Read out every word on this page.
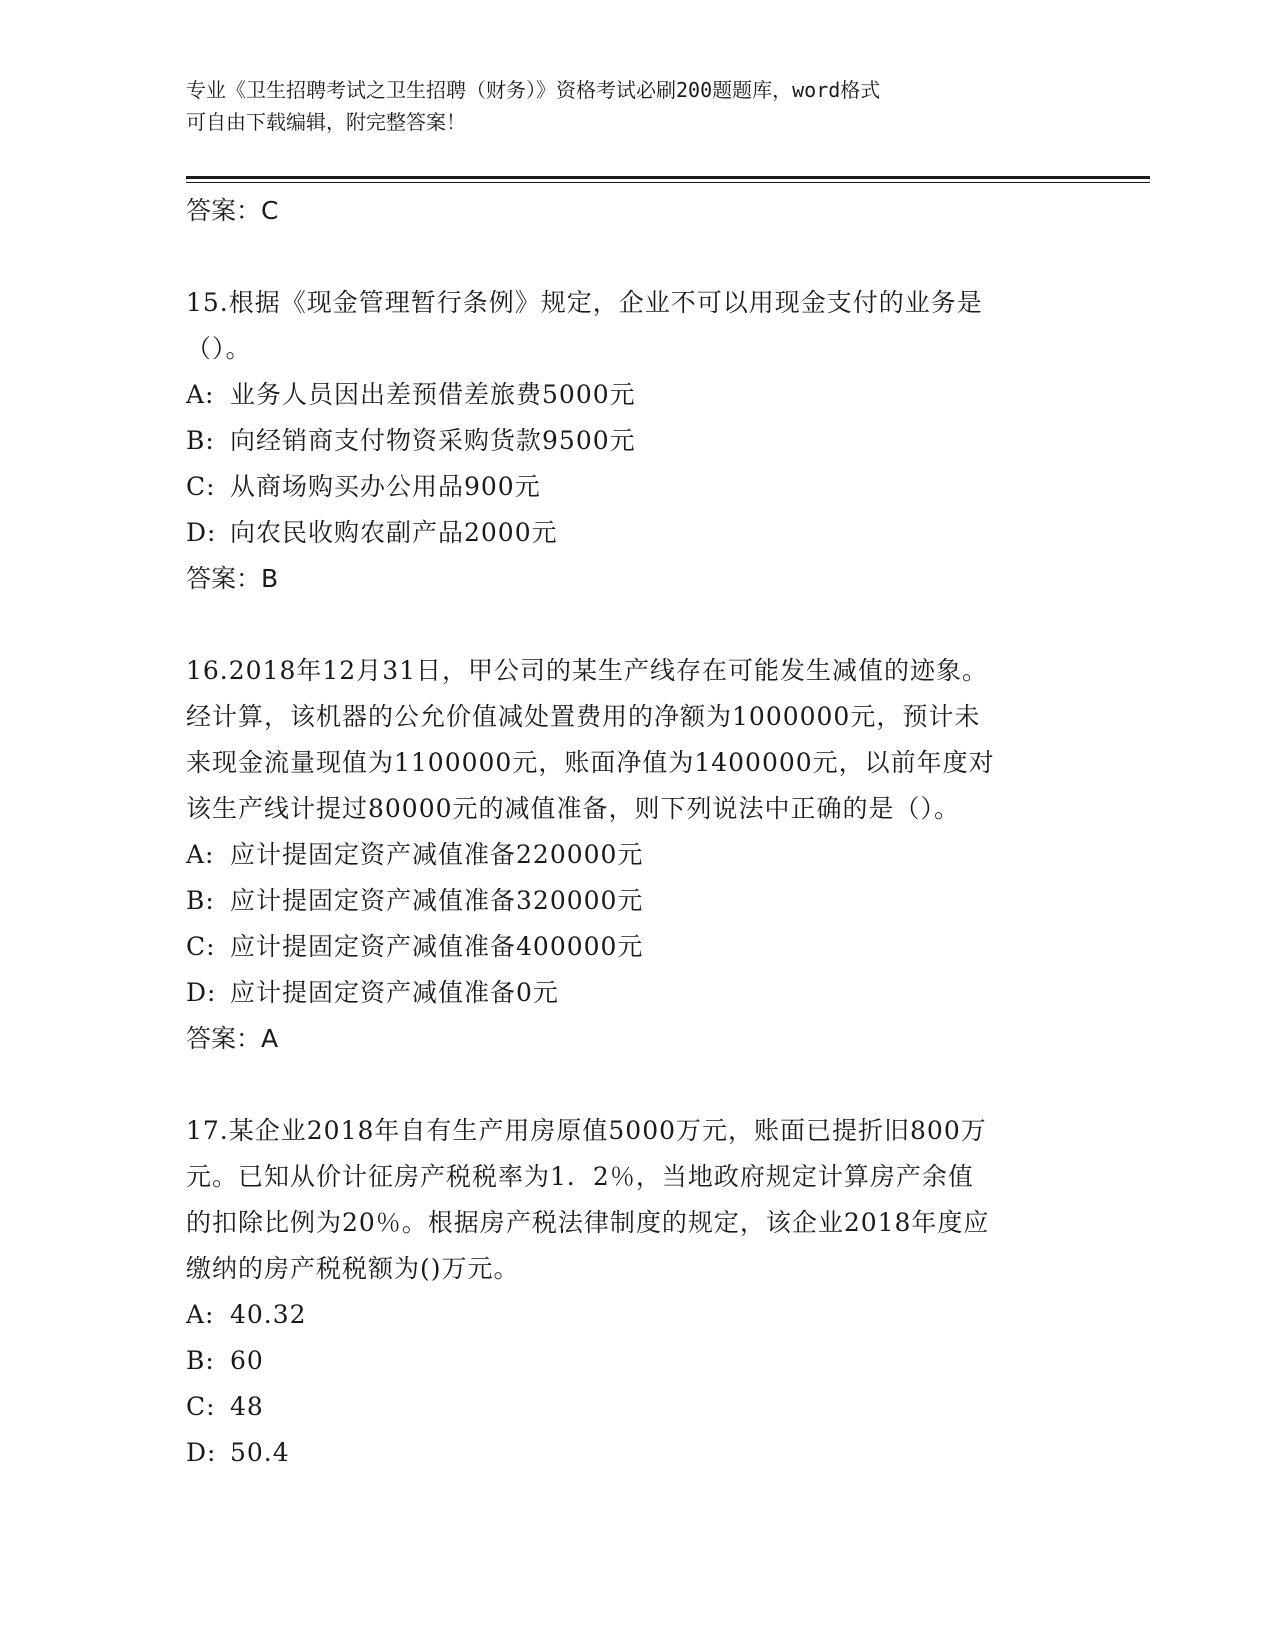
专业《卫生招聘考试之卫生招聘（财务）》资格考试必刷200题题库，word格式
可自由下载编辑，附完整答案！
答案：C
15.根据《现金管理暂行条例》规定，企业不可以用现金支付的业务是
（）。
A: 业务人员因出差预借差旅费5000元
B: 向经销商支付物资采购货款9500元
C: 从商场购买办公用品900元
D: 向农民收购农副产品2000元
答案：B
16.2018年12月31日，甲公司的某生产线存在可能发生减值的迹象。
经计算，该机器的公允价值减处置费用的净额为1000000元，预计未
来现金流量现值为1100000元，账面净值为1400000元，以前年度对
该生产线计提过80000元的减值准备，则下列说法中正确的是（）。
A: 应计提固定资产减值准备220000元
B: 应计提固定资产减值准备320000元
C: 应计提固定资产减值准备400000元
D: 应计提固定资产减值准备0元
答案：A
17.某企业2018年自有生产用房原值5000万元，账面已提折旧800万
元。已知从价计征房产税税率为1．2％，当地政府规定计算房产余值
的扣除比例为20％。根据房产税法律制度的规定，该企业2018年度应
缴纳的房产税税额为()万元。
A: 40.32
B: 60
C: 48
D: 50.4
